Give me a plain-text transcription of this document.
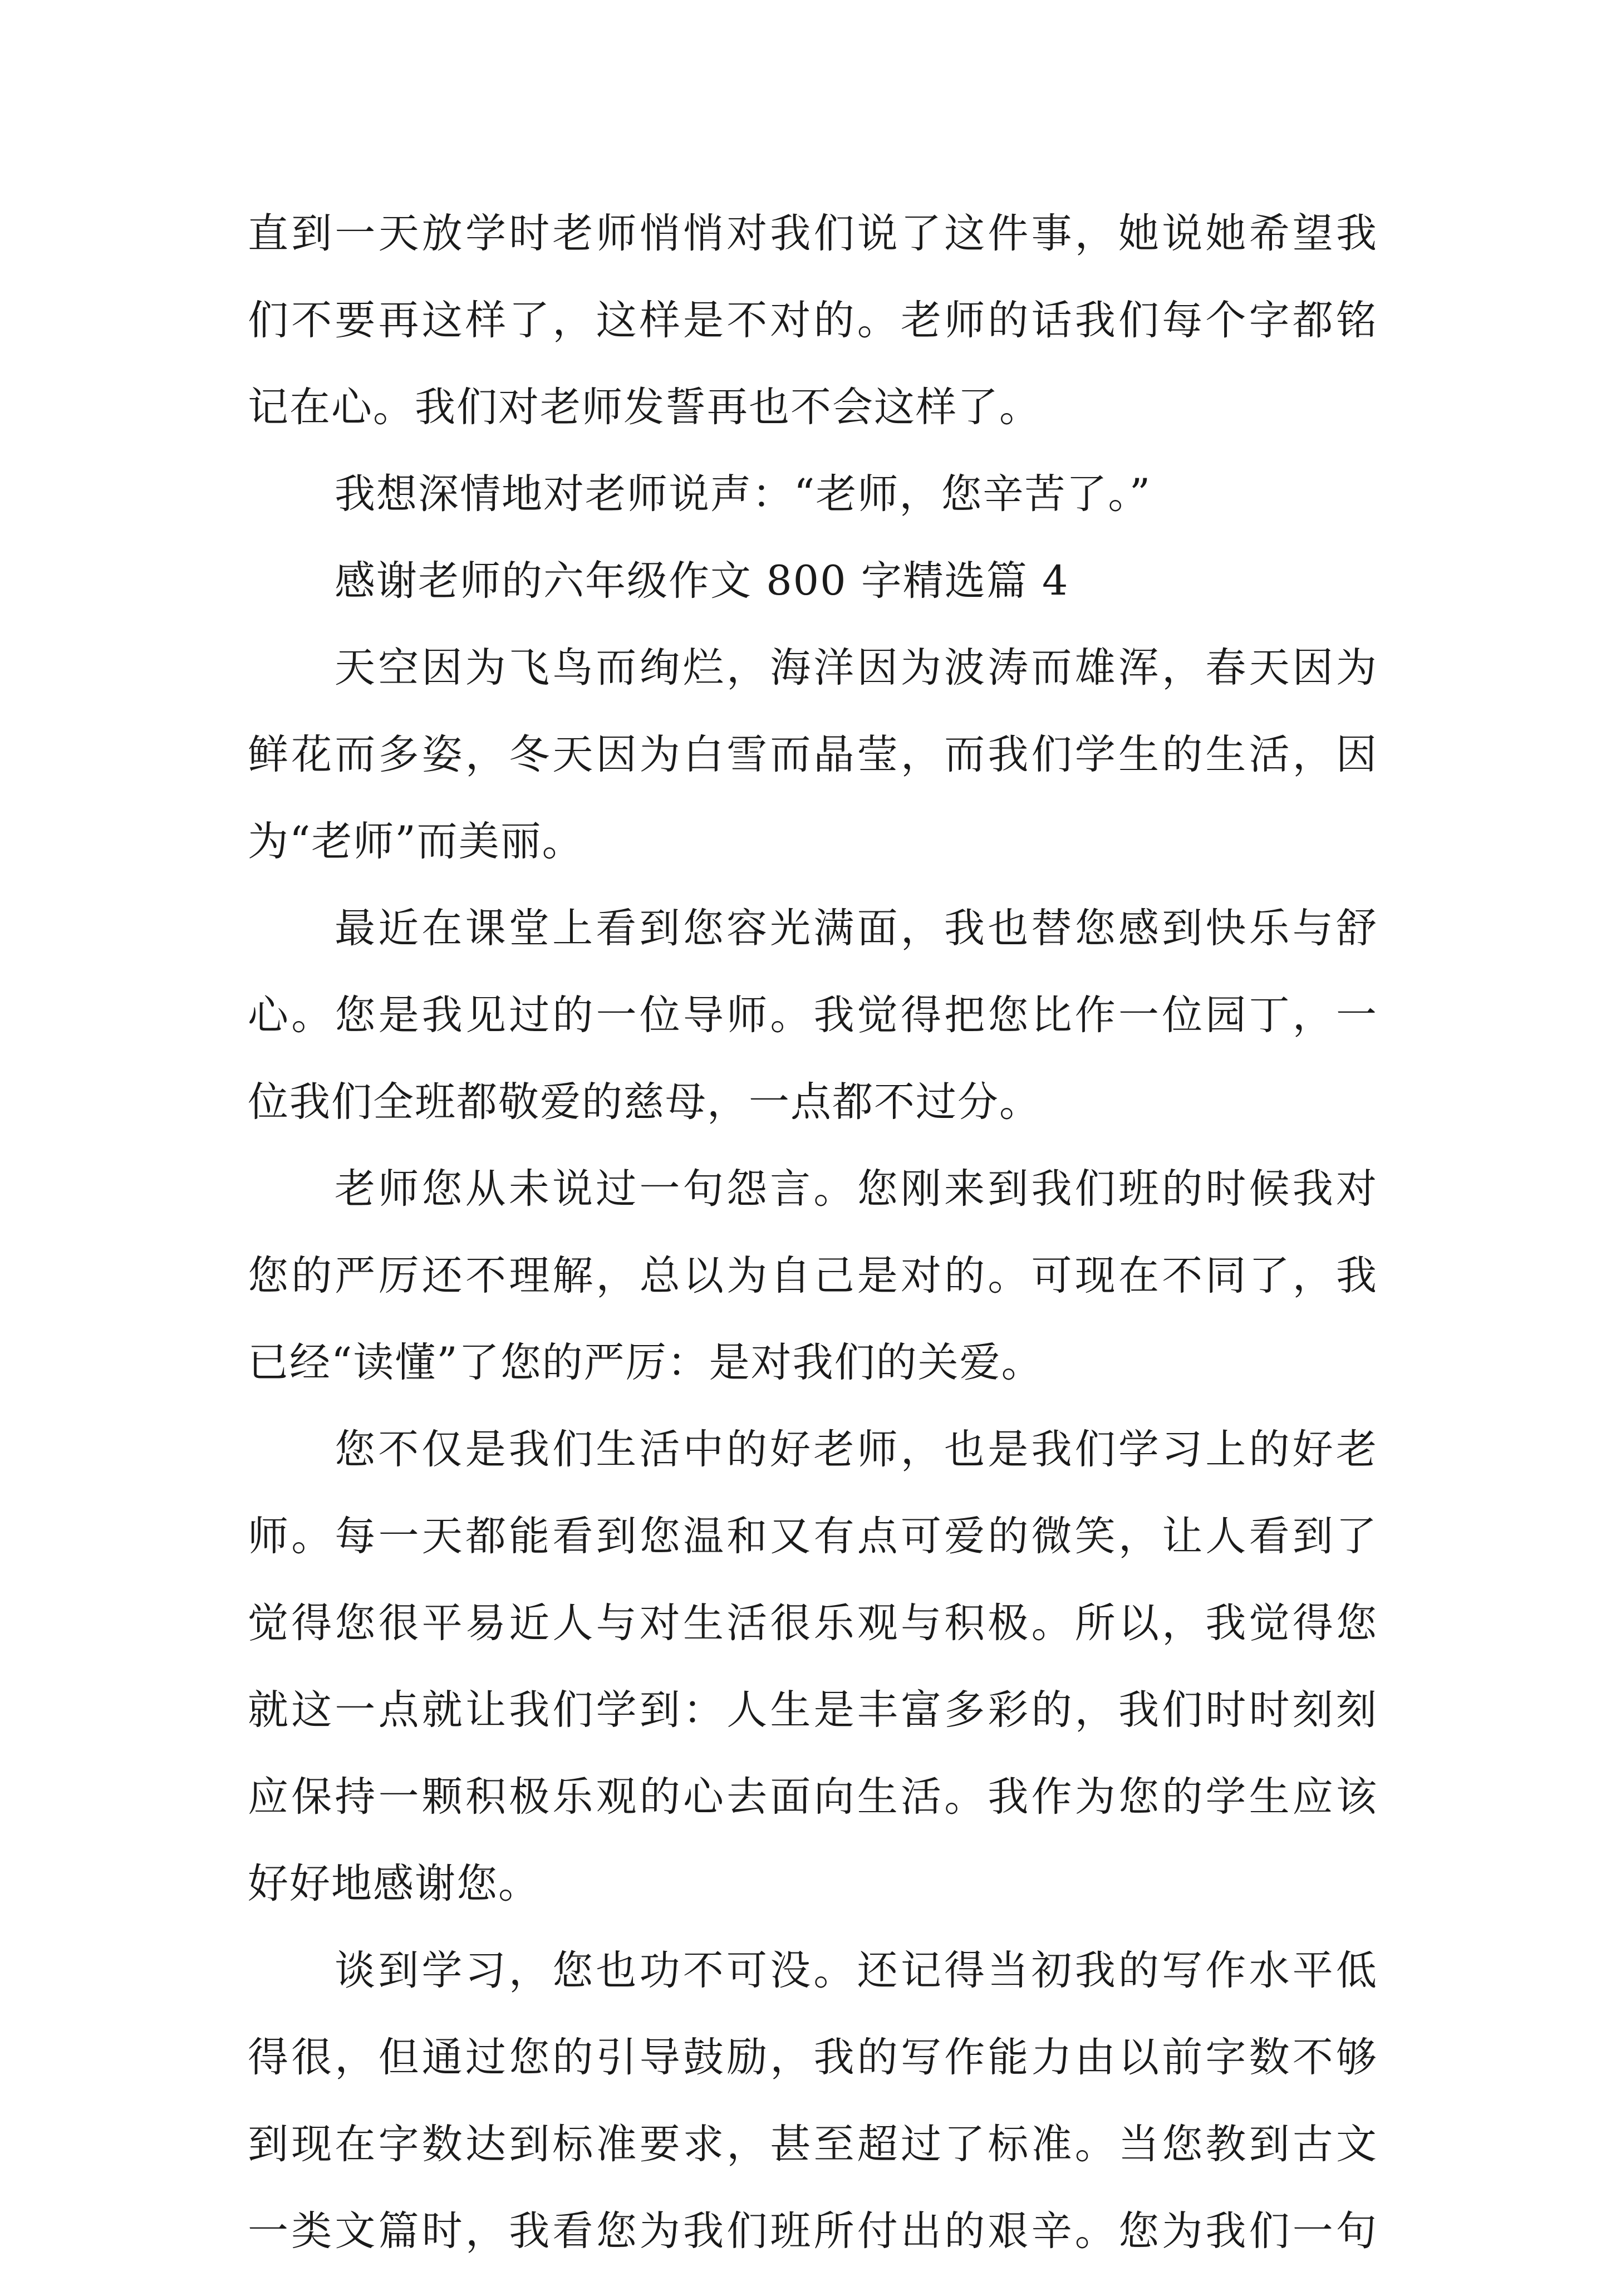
直到一天放学时老师悄悄对我们说了这件事，她说她希望我
们不要再这样了，这样是不对的。老师的话我们每个字都铭
记在心。我们对老师发誓再也不会这样了。
我想深情地对老师说声：“老师，您辛苦了。”
感谢老师的六年级作文 800 字精选篇 4
天空因为飞鸟而绚烂，海洋因为波涛而雄浑，春天因为
鲜花而多姿，冬天因为白雪而晶莹，而我们学生的生活，因
为“老师”而美丽。
最近在课堂上看到您容光满面，我也替您感到快乐与舒
心。您是我见过的一位导师。我觉得把您比作一位园丁，一
位我们全班都敬爱的慈母，一点都不过分。
老师您从未说过一句怨言。您刚来到我们班的时候我对
您的严厉还不理解，总以为自己是对的。可现在不同了，我
已经“读懂”了您的严厉：是对我们的关爱。
您不仅是我们生活中的好老师，也是我们学习上的好老
师。每一天都能看到您温和又有点可爱的微笑，让人看到了
觉得您很平易近人与对生活很乐观与积极。所以，我觉得您
就这一点就让我们学到：人生是丰富多彩的，我们时时刻刻
应保持一颗积极乐观的心去面向生活。我作为您的学生应该
好好地感谢您。
谈到学习，您也功不可没。还记得当初我的写作水平低
得很，但通过您的引导鼓励，我的写作能力由以前字数不够
到现在字数达到标准要求，甚至超过了标准。当您教到古文
一类文篇时，我看您为我们班所付出的艰辛。您为我们一句
